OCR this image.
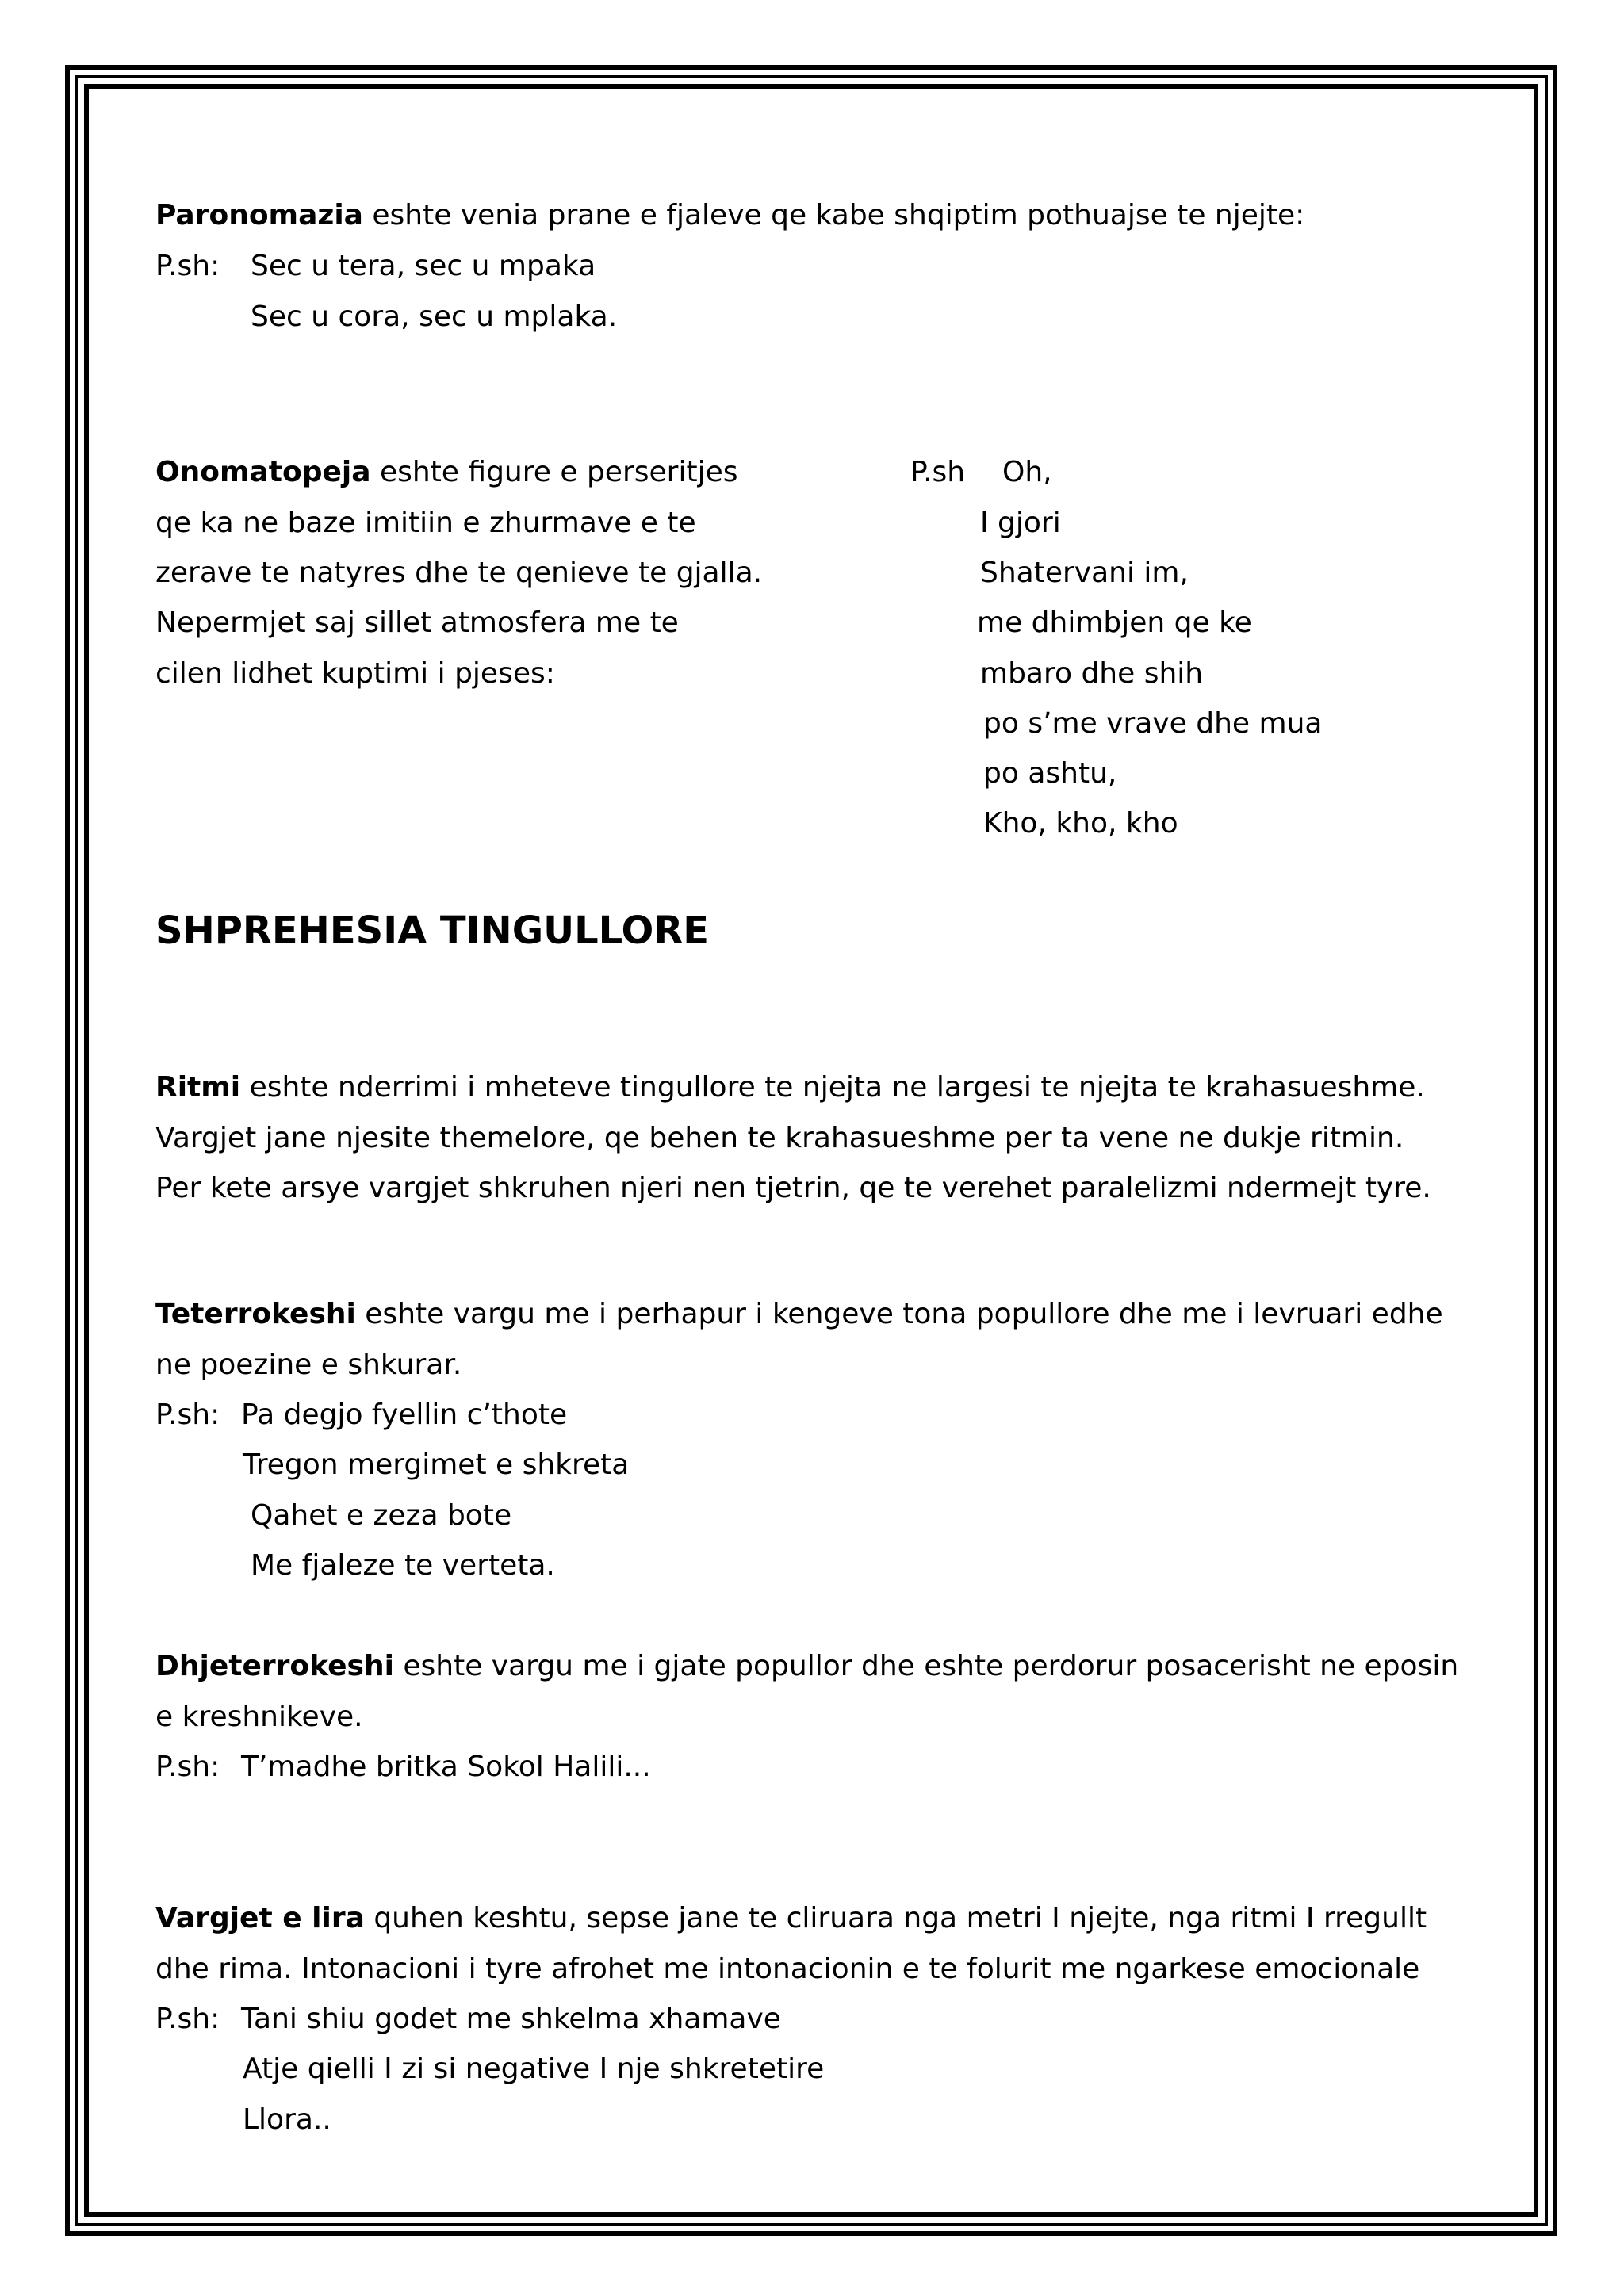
Paronomazia eshte venia prane e fjaleve qe kabe shqiptim pothuajse te njejte:
P.sh: Sec u tera, sec u mpaka
Sec u cora, sec u mplaka.
Onomatopeja eshte figure e perseritjes
qe ka ne baze imitiin e zhurmave e te
zerave te natyres dhe te qenieve te gjalla.
Nepermjet saj sillet atmosfera me te
cilen lidhet kuptimi i pjeses:
P.sh Oh,
I gjori
Shatervani im,
me dhimbjen qe ke
mbaro dhe shih
po s’me vrave dhe mua
po ashtu,
Kho, kho, kho
SHPREHESIA TINGULLORE
Ritmi eshte nderrimi i mheteve tingullore te njejta ne largesi te njejta te krahasueshme.
Vargjet jane njesite themelore, qe behen te krahasueshme per ta vene ne dukje ritmin.
Per kete arsye vargjet shkruhen njeri nen tjetrin, qe te verehet paralelizmi ndermejt tyre.
Teterrokeshi eshte vargu me i perhapur i kengeve tona popullore dhe me i levruari edhe
ne poezine e shkurar.
P.sh: Pa degjo fyellin c’thote
Tregon mergimet e shkreta
Qahet e zeza bote
Me fjaleze te verteta.
Dhjeterrokeshi eshte vargu me i gjate popullor dhe eshte perdorur posacerisht ne eposin
e kreshnikeve.
P.sh: T’madhe britka Sokol Halili...
Vargjet e lira quhen keshtu, sepse jane te cliruara nga metri I njejte, nga ritmi I rregullt
dhe rima. Intonacioni i tyre afrohet me intonacionin e te folurit me ngarkese emocionale
P.sh: Tani shiu godet me shkelma xhamave
Atje qielli I zi si negative I nje shkretetire
Llora..
